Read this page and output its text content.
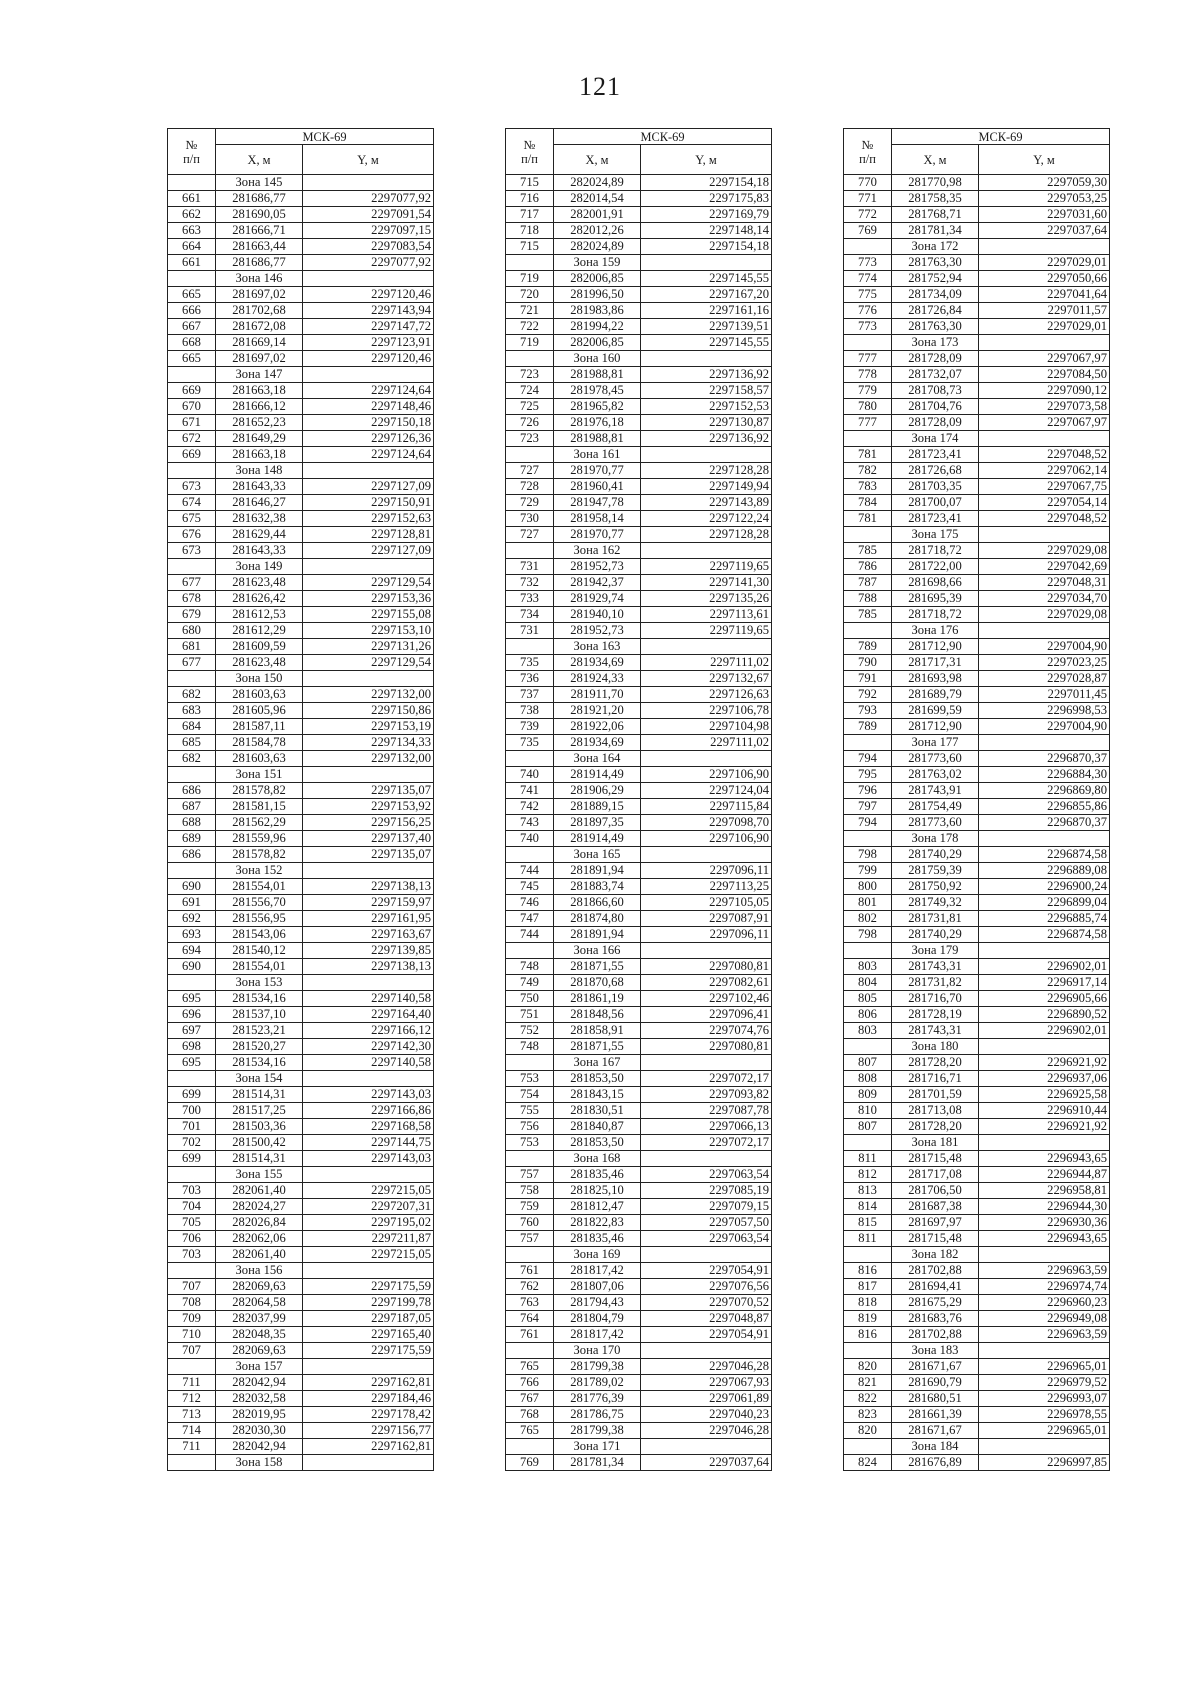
121
№
п/п	МСК-69	
	X, м	Y, м
	Зона 145	
661	281686,77	2297077,92
662	281690,05	2297091,54
663	281666,71	2297097,15
664	281663,44	2297083,54
661	281686,77	2297077,92
	Зона 146	
665	281697,02	2297120,46
666	281702,68	2297143,94
667	281672,08	2297147,72
668	281669,14	2297123,91
665	281697,02	2297120,46
	Зона 147	
669	281663,18	2297124,64
670	281666,12	2297148,46
671	281652,23	2297150,18
672	281649,29	2297126,36
669	281663,18	2297124,64
	Зона 148	
673	281643,33	2297127,09
674	281646,27	2297150,91
675	281632,38	2297152,63
676	281629,44	2297128,81
673	281643,33	2297127,09
	Зона 149	
677	281623,48	2297129,54
678	281626,42	2297153,36
679	281612,53	2297155,08
680	281612,29	2297153,10
681	281609,59	2297131,26
677	281623,48	2297129,54
	Зона 150	
682	281603,63	2297132,00
683	281605,96	2297150,86
684	281587,11	2297153,19
685	281584,78	2297134,33
682	281603,63	2297132,00
	Зона 151	
686	281578,82	2297135,07
687	281581,15	2297153,92
688	281562,29	2297156,25
689	281559,96	2297137,40
686	281578,82	2297135,07
	Зона 152	
690	281554,01	2297138,13
691	281556,70	2297159,97
692	281556,95	2297161,95
693	281543,06	2297163,67
694	281540,12	2297139,85
690	281554,01	2297138,13
	Зона 153	
695	281534,16	2297140,58
696	281537,10	2297164,40
697	281523,21	2297166,12
698	281520,27	2297142,30
695	281534,16	2297140,58
	Зона 154	
699	281514,31	2297143,03
700	281517,25	2297166,86
701	281503,36	2297168,58
702	281500,42	2297144,75
699	281514,31	2297143,03
	Зона 155	
703	282061,40	2297215,05
704	282024,27	2297207,31
705	282026,84	2297195,02
706	282062,06	2297211,87
703	282061,40	2297215,05
	Зона 156	
707	282069,63	2297175,59
708	282064,58	2297199,78
709	282037,99	2297187,05
710	282048,35	2297165,40
707	282069,63	2297175,59
	Зона 157	
711	282042,94	2297162,81
712	282032,58	2297184,46
713	282019,95	2297178,42
714	282030,30	2297156,77
711	282042,94	2297162,81
	Зона 158	
№
п/п	МСК-69	
	X, м	Y, м
715	282024,89	2297154,18
716	282014,54	2297175,83
717	282001,91	2297169,79
718	282012,26	2297148,14
715	282024,89	2297154,18
	Зона 159	
719	282006,85	2297145,55
720	281996,50	2297167,20
721	281983,86	2297161,16
722	281994,22	2297139,51
719	282006,85	2297145,55
	Зона 160	
723	281988,81	2297136,92
724	281978,45	2297158,57
725	281965,82	2297152,53
726	281976,18	2297130,87
723	281988,81	2297136,92
	Зона 161	
727	281970,77	2297128,28
728	281960,41	2297149,94
729	281947,78	2297143,89
730	281958,14	2297122,24
727	281970,77	2297128,28
	Зона 162	
731	281952,73	2297119,65
732	281942,37	2297141,30
733	281929,74	2297135,26
734	281940,10	2297113,61
731	281952,73	2297119,65
	Зона 163	
735	281934,69	2297111,02
736	281924,33	2297132,67
737	281911,70	2297126,63
738	281921,20	2297106,78
739	281922,06	2297104,98
735	281934,69	2297111,02
	Зона 164	
740	281914,49	2297106,90
741	281906,29	2297124,04
742	281889,15	2297115,84
743	281897,35	2297098,70
740	281914,49	2297106,90
	Зона 165	
744	281891,94	2297096,11
745	281883,74	2297113,25
746	281866,60	2297105,05
747	281874,80	2297087,91
744	281891,94	2297096,11
	Зона 166	
748	281871,55	2297080,81
749	281870,68	2297082,61
750	281861,19	2297102,46
751	281848,56	2297096,41
752	281858,91	2297074,76
748	281871,55	2297080,81
	Зона 167	
753	281853,50	2297072,17
754	281843,15	2297093,82
755	281830,51	2297087,78
756	281840,87	2297066,13
753	281853,50	2297072,17
	Зона 168	
757	281835,46	2297063,54
758	281825,10	2297085,19
759	281812,47	2297079,15
760	281822,83	2297057,50
757	281835,46	2297063,54
	Зона 169	
761	281817,42	2297054,91
762	281807,06	2297076,56
763	281794,43	2297070,52
764	281804,79	2297048,87
761	281817,42	2297054,91
	Зона 170	
765	281799,38	2297046,28
766	281789,02	2297067,93
767	281776,39	2297061,89
768	281786,75	2297040,23
765	281799,38	2297046,28
	Зона 171	
769	281781,34	2297037,64
№
п/п	МСК-69	
	X, м	Y, м
770	281770,98	2297059,30
771	281758,35	2297053,25
772	281768,71	2297031,60
769	281781,34	2297037,64
	Зона 172	
773	281763,30	2297029,01
774	281752,94	2297050,66
775	281734,09	2297041,64
776	281726,84	2297011,57
773	281763,30	2297029,01
	Зона 173	
777	281728,09	2297067,97
778	281732,07	2297084,50
779	281708,73	2297090,12
780	281704,76	2297073,58
777	281728,09	2297067,97
	Зона 174	
781	281723,41	2297048,52
782	281726,68	2297062,14
783	281703,35	2297067,75
784	281700,07	2297054,14
781	281723,41	2297048,52
	Зона 175	
785	281718,72	2297029,08
786	281722,00	2297042,69
787	281698,66	2297048,31
788	281695,39	2297034,70
785	281718,72	2297029,08
	Зона 176	
789	281712,90	2297004,90
790	281717,31	2297023,25
791	281693,98	2297028,87
792	281689,79	2297011,45
793	281699,59	2296998,53
789	281712,90	2297004,90
	Зона 177	
794	281773,60	2296870,37
795	281763,02	2296884,30
796	281743,91	2296869,80
797	281754,49	2296855,86
794	281773,60	2296870,37
	Зона 178	
798	281740,29	2296874,58
799	281759,39	2296889,08
800	281750,92	2296900,24
801	281749,32	2296899,04
802	281731,81	2296885,74
798	281740,29	2296874,58
	Зона 179	
803	281743,31	2296902,01
804	281731,82	2296917,14
805	281716,70	2296905,66
806	281728,19	2296890,52
803	281743,31	2296902,01
	Зона 180	
807	281728,20	2296921,92
808	281716,71	2296937,06
809	281701,59	2296925,58
810	281713,08	2296910,44
807	281728,20	2296921,92
	Зона 181	
811	281715,48	2296943,65
812	281717,08	2296944,87
813	281706,50	2296958,81
814	281687,38	2296944,30
815	281697,97	2296930,36
811	281715,48	2296943,65
	Зона 182	
816	281702,88	2296963,59
817	281694,41	2296974,74
818	281675,29	2296960,23
819	281683,76	2296949,08
816	281702,88	2296963,59
	Зона 183	
820	281671,67	2296965,01
821	281690,79	2296979,52
822	281680,51	2296993,07
823	281661,39	2296978,55
820	281671,67	2296965,01
	Зона 184	
824	281676,89	2296997,85
